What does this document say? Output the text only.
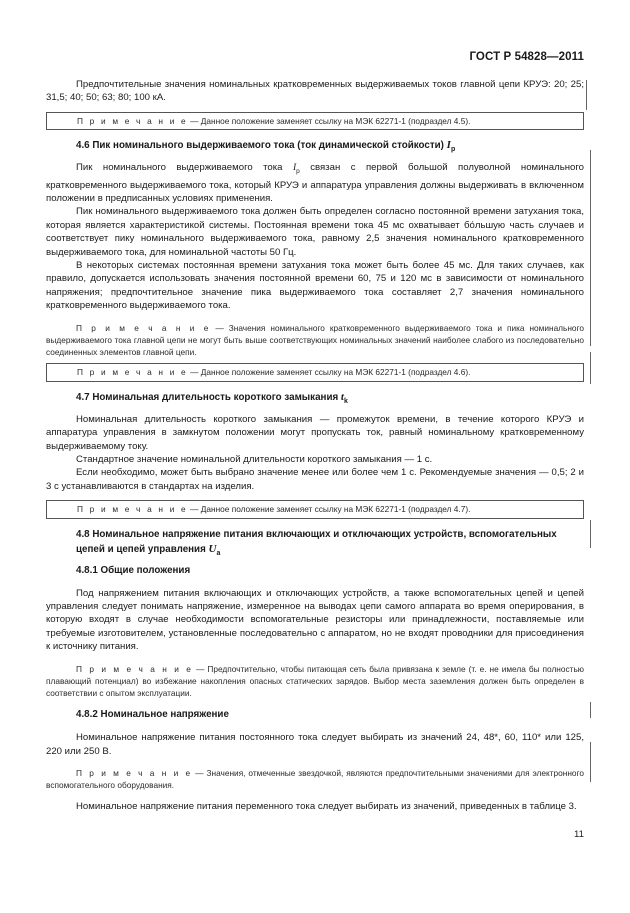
ГОСТ Р 54828—2011

Предпочтительные значения номинальных кратковременных выдерживаемых токов главной цепи КРУЭ: 20; 25; 31,5; 40; 50; 63; 80; 100 кА.

П р и м е ч а н и е — Данное положение заменяет ссылку на МЭК 62271-1 (подраздел 4.5).
4.6 Пик номинального выдерживаемого тока (ток динамической стойкости) $I_p$

Пик номинального выдерживаемого тока $I_p$ связан с первой большой полуволной номинального кратковременного выдерживаемого тока, который КРУЭ и аппаратура управления должны выдерживать в включенном положении в предписанных условиях применения.

Пик номинального выдерживаемого тока должен быть определен согласно постоянной времени затухания тока, которая является характеристикой системы. Постоянная времени тока 45 мс охватывает бо́льшую часть случаев и соответствует пику номинального выдерживаемого тока, равному 2,5 значения номинального кратковременного выдерживаемого тока, для номинальной частоты 50 Гц.

В некоторых системах постоянная времени затухания тока может быть более 45 мс. Для таких случаев, как правило, допускается использовать значения постоянной времени 60, 75 и 120 мс в зависимости от номинального напряжения; предпочтительное значение пика выдерживаемого тока составляет 2,7 значения номинального кратковременного выдерживаемого тока.

П р и м е ч а н и е — Значения номинального кратковременного выдерживаемого тока и пика номинального выдерживаемого тока главной цепи не могут быть выше соответствующих номинальных значений наиболее слабого из последовательно соединенных элементов главной цепи.

П р и м е ч а н и е — Данное положение заменяет ссылку на МЭК 62271-1 (подраздел 4.6).
4.7 Номинальная длительность короткого замыкания $t_k$

Номинальная длительность короткого замыкания — промежуток времени, в течение которого КРУЭ и аппаратура управления в замкнутом положении могут пропускать ток, равный номинальному кратковременному выдерживаемому току.

Стандартное значение номинальной длительности короткого замыкания — 1 с.

Если необходимо, может быть выбрано значение менее или более чем 1 с. Рекомендуемые значения — 0,5; 2 и 3 с устанавливаются в стандартах на изделия.

П р и м е ч а н и е — Данное положение заменяет ссылку на МЭК 62271-1 (подраздел 4.7).
4.8 Номинальное напряжение питания включающих и отключающих устройств, вспомогательных цепей и цепей управления $U_a$
4.8.1 Общие положения

Под напряжением питания включающих и отключающих устройств, а также вспомогательных цепей и цепей управления следует понимать напряжение, измеренное на выводах цепи самого аппарата во время оперирования, в которую входят в случае необходимости вспомогательные резисторы или принадлежности, поставляемые или требуемые изготовителем, установленные последовательно с аппаратом, но не входят проводники для присоединения к источнику питания.

П р и м е ч а н и е — Предпочтительно, чтобы питающая сеть была привязана к земле (т. е. не имела бы полностью плавающий потенциал) во избежание накопления опасных статических зарядов. Выбор места заземления должен быть определен в соответствии с опытом эксплуатации.

4.8.2 Номинальное напряжение

Номинальное напряжение питания постоянного тока следует выбирать из значений 24, 48*, 60, 110* или 125, 220 или 250 В.

П р и м е ч а н и е — Значения, отмеченные звездочкой, являются предпочтительными значениями для электронного вспомогательного оборудования.

Номинальное напряжение питания переменного тока следует выбирать из значений, приведенных в таблице 3.

11
